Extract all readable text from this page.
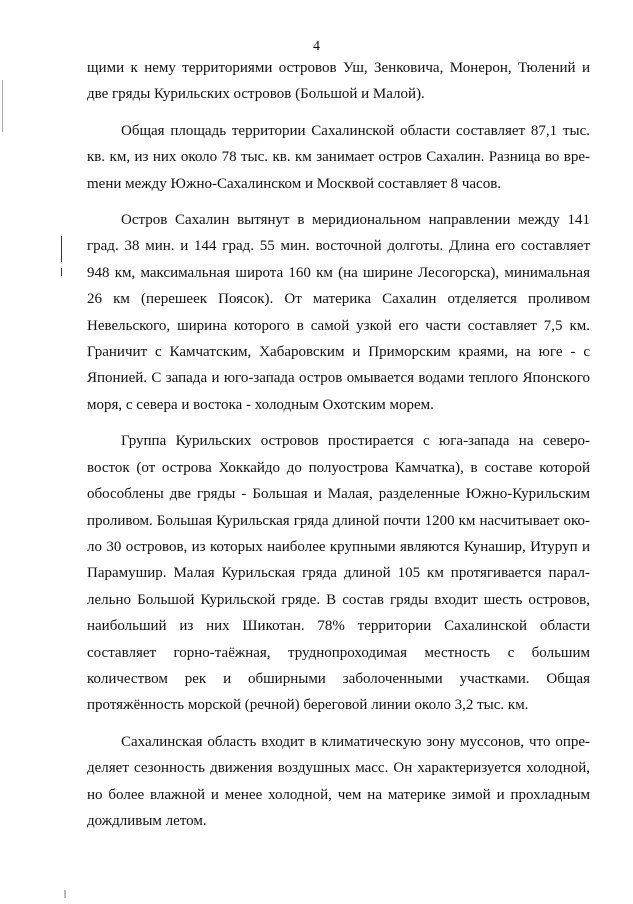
4

щими к нему территориями островов Уш, Зенковича, Монерон, Тюлений и две гряды Курильских островов (Большой и Малой).

Общая площадь территории Сахалинской области составляет 87,1 тыс. кв. км, из них около 78 тыс. кв. км занимает остров Сахалин. Разница во вреmени между Южно-Сахалинском и Москвой составляет 8 часов.

Остров Сахалин вытянут в меридиональном направлении между 141 град. 38 мин. и 144 град. 55 мин. восточной долготы. Длина его составляет 948 км, максимальная широта 160 км (на ширине Лесогорска), минимальная 26 км (перешеек Поясок). От материка Сахалин отделяется проливом Невельского, ширина которого в самой узкой его части составляет 7,5 км. Граничит с Камчатским, Хабаровским и Приморским краями, на юге - с Японией. С запада и юго-запада остров омывается водами теплого Японского моря, с севера и востока - холодным Охотским морем.

Группа Курильских островов простирается с юга-запада на северо-восток (от острова Хоккайдо до полуострова Камчатка), в составе которой обособлены две гряды - Большая и Малая, разделенные Южно-Курильским проливом. Большая Курильская гряда длиной почти 1200 км насчитывает около 30 островов, из которых наиболее крупными являются Кунашир, Итуруп и Парамушир. Малая Курильская гряда длиной 105 км протягивается параллельно Большой Курильской гряде. В состав гряды входит шесть островов, наибольший из них Шикотан. 78% территории Сахалинской области составляет горно-таёжная, труднопроходимая местность с большим количеством рек и обширными заболоченными участками. Общая протяжённость морской (речной) береговой линии около 3,2 тыс. км.

Сахалинская область входит в климатическую зону муссонов, что определяет сезонность движения воздушных масс. Он характеризуется холодной, но более влажной и менее холодной, чем на материке зимой и прохладным дождливым летом.
